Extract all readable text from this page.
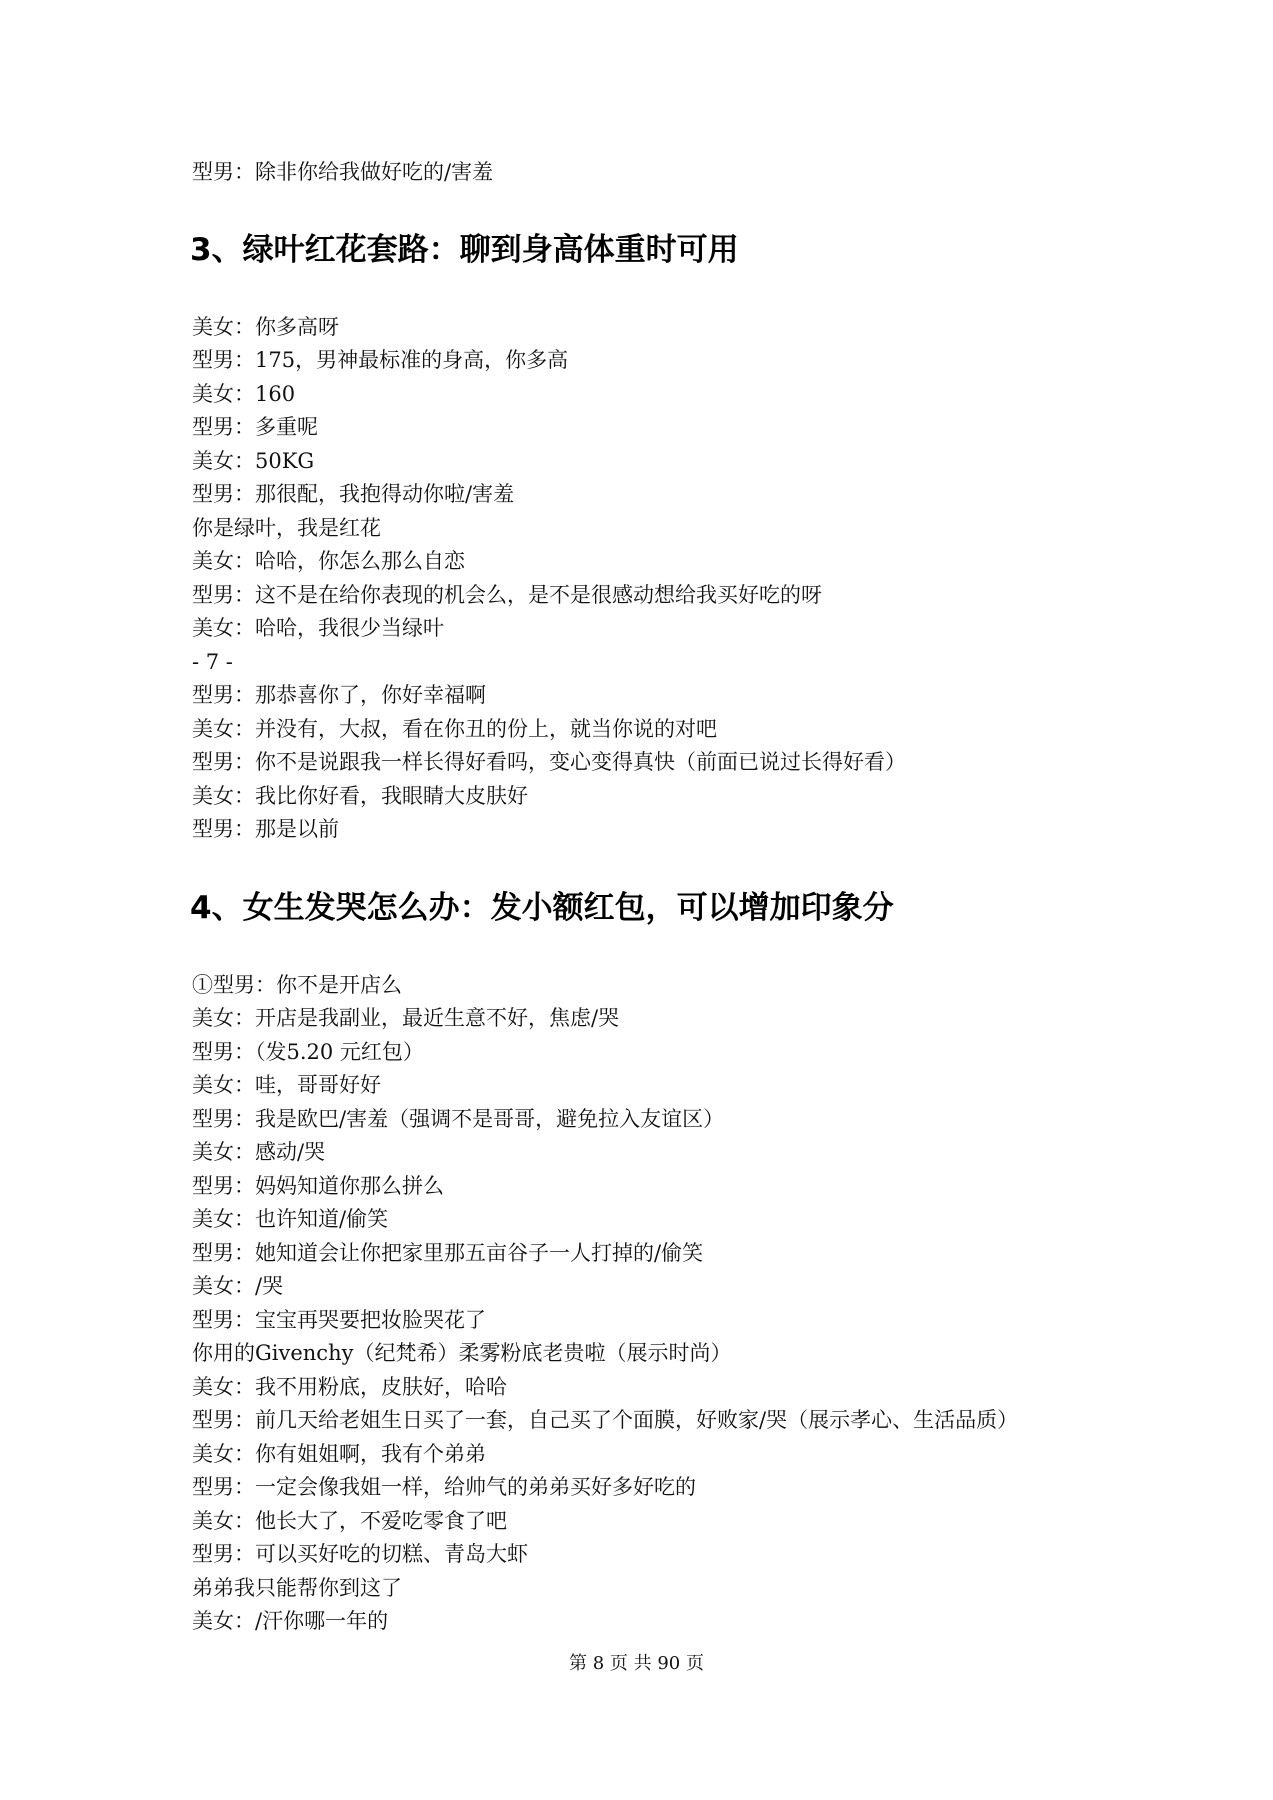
型男：除非你给我做好吃的/害羞
3、绿叶红花套路：聊到身高体重时可用
美女：你多高呀
型男：175，男神最标准的身高，你多高
美女：160
型男：多重呢
美女：50KG
型男：那很配，我抱得动你啦/害羞
你是绿叶，我是红花
美女：哈哈，你怎么那么自恋
型男：这不是在给你表现的机会么，是不是很感动想给我买好吃的呀
美女：哈哈，我很少当绿叶
- 7 -
型男：那恭喜你了，你好幸福啊
美女：并没有，大叔，看在你丑的份上，就当你说的对吧
型男：你不是说跟我一样长得好看吗，变心变得真快（前面已说过长得好看）
美女：我比你好看，我眼睛大皮肤好
型男：那是以前
4、女生发哭怎么办：发小额红包，可以增加印象分
①型男：你不是开店么
美女：开店是我副业，最近生意不好，焦虑/哭
型男：（发5.20 元红包）
美女：哇，哥哥好好
型男：我是欧巴/害羞（强调不是哥哥，避免拉入友谊区）
美女：感动/哭
型男：妈妈知道你那么拼么
美女：也许知道/偷笑
型男：她知道会让你把家里那五亩谷子一人打掉的/偷笑
美女：/哭
型男：宝宝再哭要把妆脸哭花了
你用的Givenchy（纪梵希）柔雾粉底老贵啦（展示时尚）
美女：我不用粉底，皮肤好，哈哈
型男：前几天给老姐生日买了一套，自己买了个面膜，好败家/哭（展示孝心、生活品质）
美女：你有姐姐啊，我有个弟弟
型男：一定会像我姐一样，给帅气的弟弟买好多好吃的
美女：他长大了，不爱吃零食了吧
型男：可以买好吃的切糕、青岛大虾
弟弟我只能帮你到这了
美女：/汗你哪一年的
第 8 页 共 90 页
